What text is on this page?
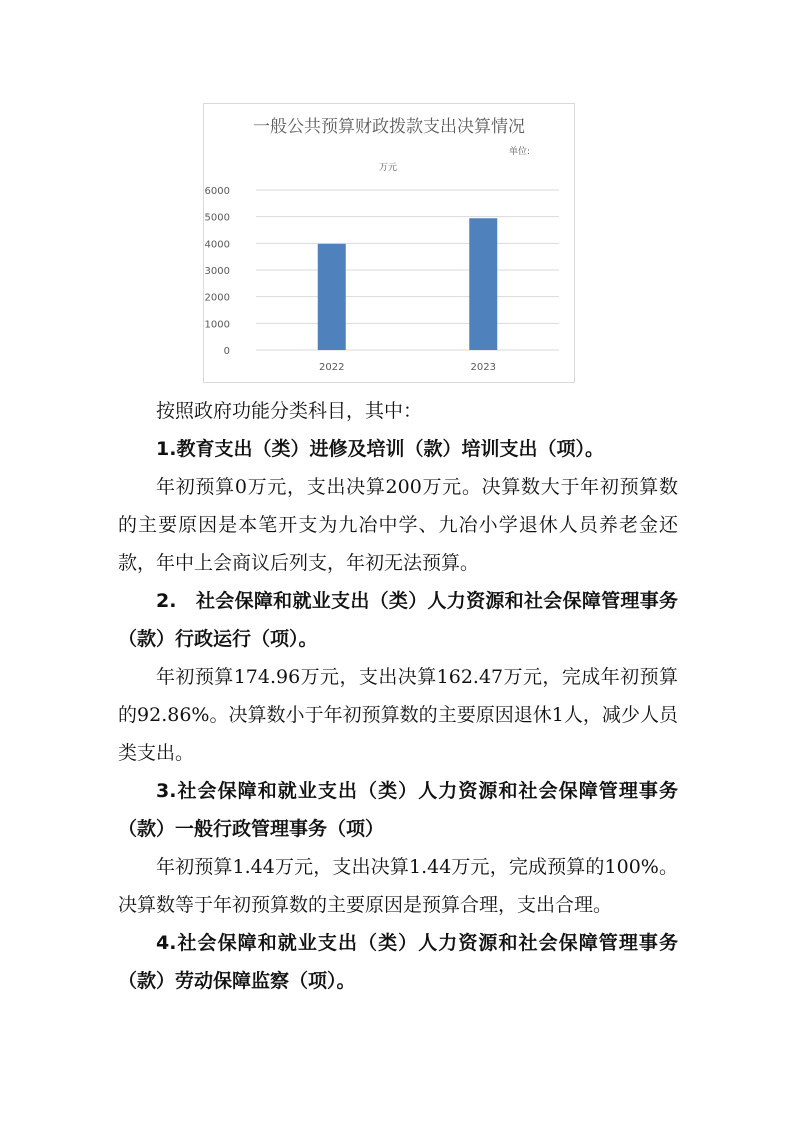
一般公共预算财政拨款支出决算情况
单位:
万元
0
1000
2000
3000
4000
5000
6000
2022	2023
按照政府功能分类科目，其中：
1.教育支出（类）进修及培训（款）培训支出（项）。
年初预算0万元，支出决算200万元。决算数大于年初预算数的主要原因是本笔开支为九冶中学、九冶小学退休人员养老金还款，年中上会商议后列支，年初无法预算。
2.　社会保障和就业支出（类）人力资源和社会保障管理事务（款）行政运行（项）。
年初预算174.96万元，支出决算162.47万元，完成年初预算的92.86%。决算数小于年初预算数的主要原因退休1人，减少人员类支出。
3.社会保障和就业支出（类）人力资源和社会保障管理事务（款）一般行政管理事务（项）
年初预算1.44万元，支出决算1.44万元，完成预算的100%。决算数等于年初预算数的主要原因是预算合理，支出合理。
4.社会保障和就业支出（类）人力资源和社会保障管理事务（款）劳动保障监察（项）。
